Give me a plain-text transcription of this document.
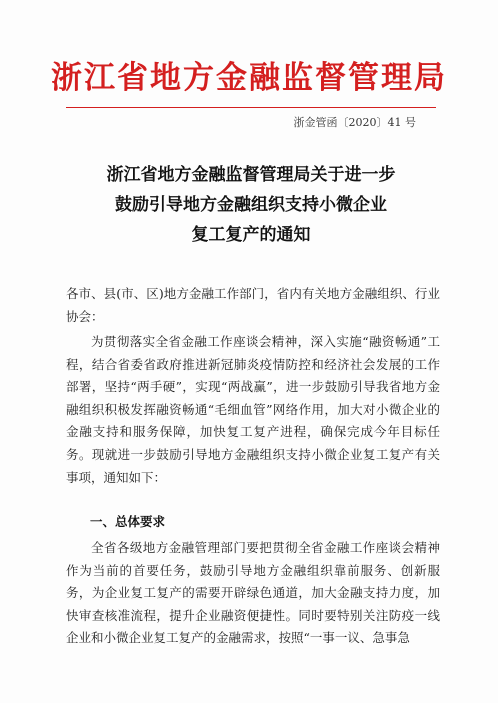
浙江省地方金融监督管理局
浙金管函〔2020〕41 号
浙江省地方金融监督管理局关于进一步
鼓励引导地方金融组织支持小微企业
复工复产的通知

各市、县(市、区)地方金融工作部门，省内有关地方金融组织、行业协会：

为贯彻落实全省金融工作座谈会精神，深入实施“融资畅通”工程，结合省委省政府推进新冠肺炎疫情防控和经济社会发展的工作部署，坚持“两手硬”，实现“两战赢”，进一步鼓励引导我省地方金融组织积极发挥融资畅通“毛细血管”网络作用，加大对小微企业的金融支持和服务保障，加快复工复产进程，确保完成今年目标任务。现就进一步鼓励引导地方金融组织支持小微企业复工复产有关事项，通知如下：

一、总体要求

全省各级地方金融管理部门要把贯彻全省金融工作座谈会精神作为当前的首要任务，鼓励引导地方金融组织靠前服务、创新服务，为企业复工复产的需要开辟绿色通道，加大金融支持力度，加快审查核准流程，提升企业融资便捷性。同时要特别关注防疫一线企业和小微企业复工复产的金融需求，按照“一事一议、急事急
